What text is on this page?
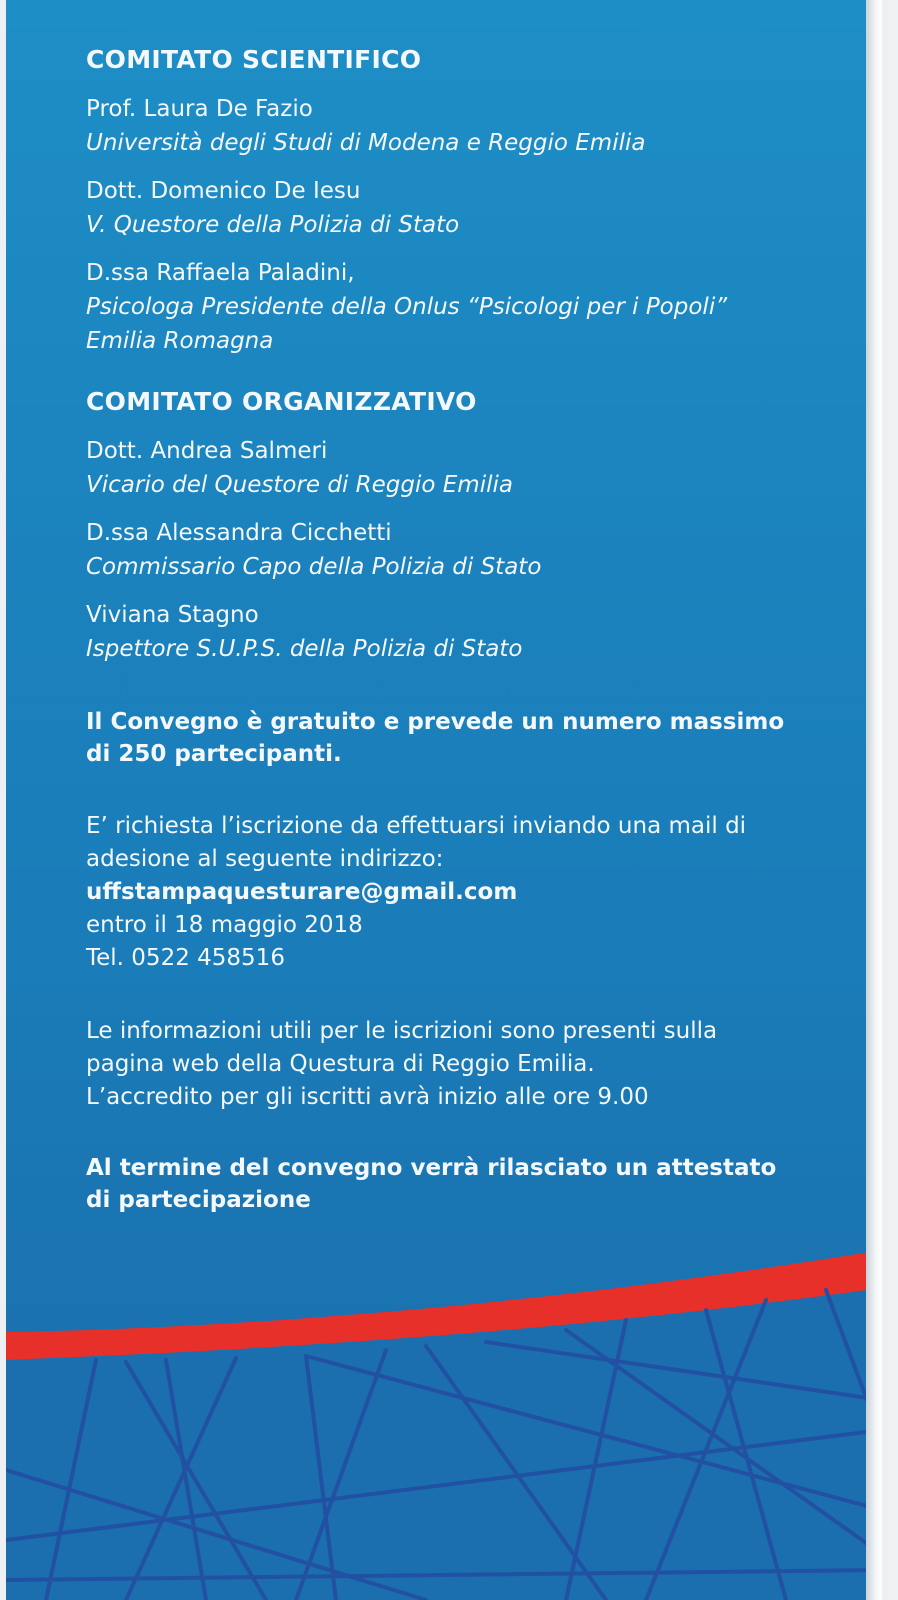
COMITATO SCIENTIFICO
Prof. Laura De Fazio
Università degli Studi di Modena e Reggio Emilia
Dott. Domenico De Iesu
V. Questore della Polizia di Stato
D.ssa Raffaela Paladini,
Psicologa Presidente della Onlus “Psicologi per i Popoli”
Emilia Romagna
COMITATO ORGANIZZATIVO
Dott. Andrea Salmeri
Vicario del Questore di Reggio Emilia
D.ssa Alessandra Cicchetti
Commissario Capo della Polizia di Stato
Viviana Stagno
Ispettore S.U.P.S. della Polizia di Stato

Il Convegno è gratuito e prevede un numero massimo
di 250 partecipanti.

E’ richiesta l’iscrizione da effettuarsi inviando una mail di
adesione al seguente indirizzo:
uffstampaquesturare@gmail.com
entro il 18 maggio 2018
Tel. 0522 458516

Le informazioni utili per le iscrizioni sono presenti sulla
pagina web della Questura di Reggio Emilia.
L’accredito per gli iscritti avrà inizio alle ore 9.00

Al termine del convegno verrà rilasciato un attestato
di partecipazione
